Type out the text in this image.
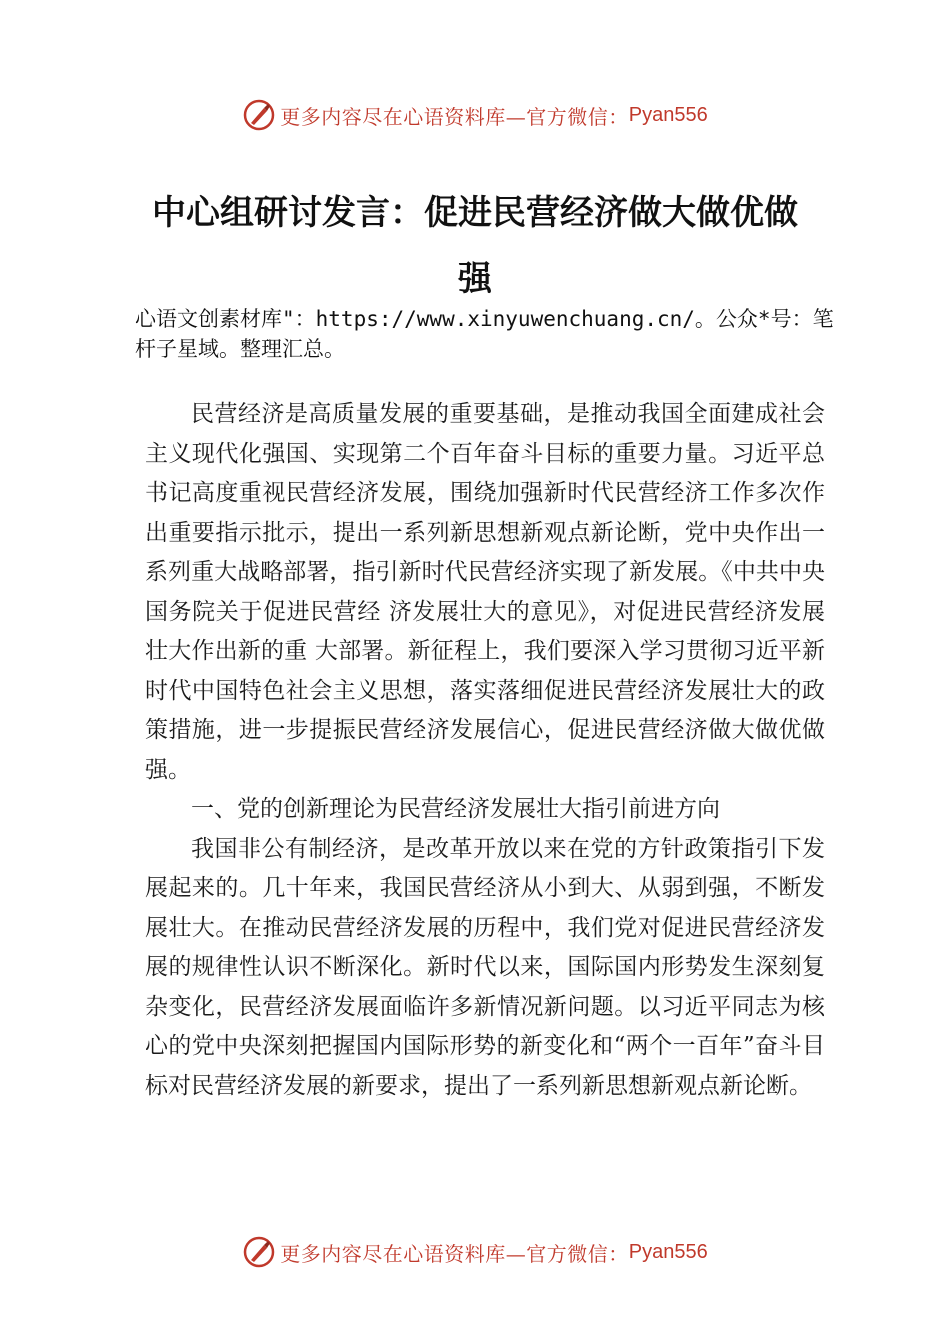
更多内容尽在心语资料库—官方微信： Pyan556
中心组研讨发言：促进民营经济做大做优做强
心语文创素材库"：https://www.xinyuwenchuang.cn/。公众*号：笔杆子星域。整理汇总。

民营经济是高质量发展的重要基础，是推动我国全面建成社会主义现代化强国、实现第二个百年奋斗目标的重要力量。习近平总书记高度重视民营经济发展，围绕加强新时代民营经济工作多次作出重要指示批示，提出一系列新思想新观点新论断，党中央作出一系列重大战略部署，指引新时代民营经济实现了新发展。《中共中央国务院关于促进民营经 济发展壮大的意见》，对促进民营经济发展壮大作出新的重 大部署。新征程上，我们要深入学习贯彻习近平新时代中国特色社会主义思想，落实落细促进民营经济发展壮大的政策措施，进一步提振民营经济发展信心，促进民营经济做大做优做强。

一、党的创新理论为民营经济发展壮大指引前进方向

我国非公有制经济，是改革开放以来在党的方针政策指引下发展起来的。几十年来，我国民营经济从小到大、从弱到强，不断发展壮大。在推动民营经济发展的历程中，我们党对促进民营经济发展的规律性认识不断深化。新时代以来，国际国内形势发生深刻复杂变化，民营经济发展面临许多新情况新问题。以习近平同志为核心的党中央深刻把握国内国际形势的新变化和“两个一百年”奋斗目标对民营经济发展的新要求，提出了一系列新思想新观点新论断。

更多内容尽在心语资料库—官方微信： Pyan556
